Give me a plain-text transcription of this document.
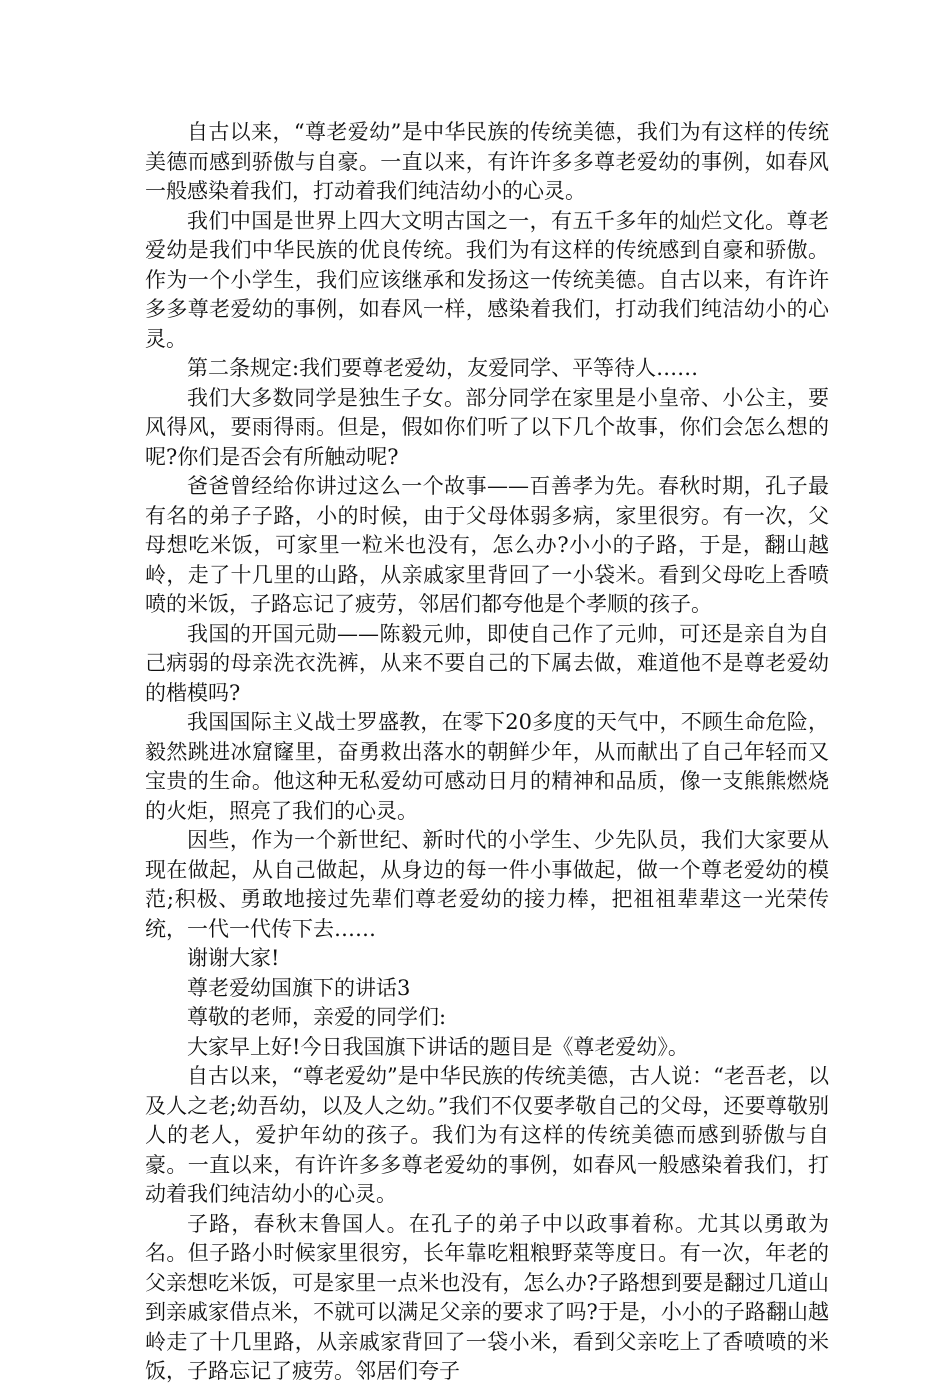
自古以来，“尊老爱幼”是中华民族的传统美德，我们为有这样的传统美德而感到骄傲与自豪。一直以来，有许许多多尊老爱幼的事例，如春风一般感染着我们，打动着我们纯洁幼小的心灵。

我们中国是世界上四大文明古国之一，有五千多年的灿烂文化。尊老爱幼是我们中华民族的优良传统。我们为有这样的传统感到自豪和骄傲。作为一个小学生，我们应该继承和发扬这一传统美德。自古以来，有许许多多尊老爱幼的事例，如春风一样，感染着我们，打动我们纯洁幼小的心灵。

第二条规定:我们要尊老爱幼，友爱同学、平等待人……

我们大多数同学是独生子女。部分同学在家里是小皇帝、小公主，要风得风，要雨得雨。但是，假如你们听了以下几个故事，你们会怎么想的呢?你们是否会有所触动呢?

爸爸曾经给你讲过这么一个故事——百善孝为先。春秋时期，孔子最有名的弟子子路，小的时候，由于父母体弱多病，家里很穷。有一次，父母想吃米饭，可家里一粒米也没有，怎么办?小小的子路，于是，翻山越岭，走了十几里的山路，从亲戚家里背回了一小袋米。看到父母吃上香喷喷的米饭，子路忘记了疲劳，邻居们都夸他是个孝顺的孩子。

我国的开国元勋——陈毅元帅，即使自己作了元帅，可还是亲自为自己病弱的母亲洗衣洗裤，从来不要自己的下属去做，难道他不是尊老爱幼的楷模吗?

我国国际主义战士罗盛教，在零下20多度的天气中，不顾生命危险，毅然跳进冰窟窿里，奋勇救出落水的朝鲜少年，从而献出了自己年轻而又宝贵的生命。他这种无私爱幼可感动日月的精神和品质，像一支熊熊燃烧的火炬，照亮了我们的心灵。

因些，作为一个新世纪、新时代的小学生、少先队员，我们大家要从现在做起，从自己做起，从身边的每一件小事做起，做一个尊老爱幼的模范;积极、勇敢地接过先辈们尊老爱幼的接力棒，把祖祖辈辈这一光荣传统，一代一代传下去……

谢谢大家!

尊老爱幼国旗下的讲话3

尊敬的老师，亲爱的同学们:

大家早上好!今日我国旗下讲话的题目是《尊老爱幼》。

自古以来，“尊老爱幼”是中华民族的传统美德，古人说：“老吾老，以及人之老;幼吾幼，以及人之幼。”我们不仅要孝敬自己的父母，还要尊敬别人的老人，爱护年幼的孩子。我们为有这样的传统美德而感到骄傲与自豪。一直以来，有许许多多尊老爱幼的事例，如春风一般感染着我们，打动着我们纯洁幼小的心灵。

子路，春秋末鲁国人。在孔子的弟子中以政事着称。尤其以勇敢为名。但子路小时候家里很穷，长年靠吃粗粮野菜等度日。有一次，年老的父亲想吃米饭，可是家里一点米也没有，怎么办?子路想到要是翻过几道山到亲戚家借点米，不就可以满足父亲的要求了吗?于是，小小的子路翻山越岭走了十几里路，从亲戚家背回了一袋小米，看到父亲吃上了香喷喷的米饭，子路忘记了疲劳。邻居们夸子
